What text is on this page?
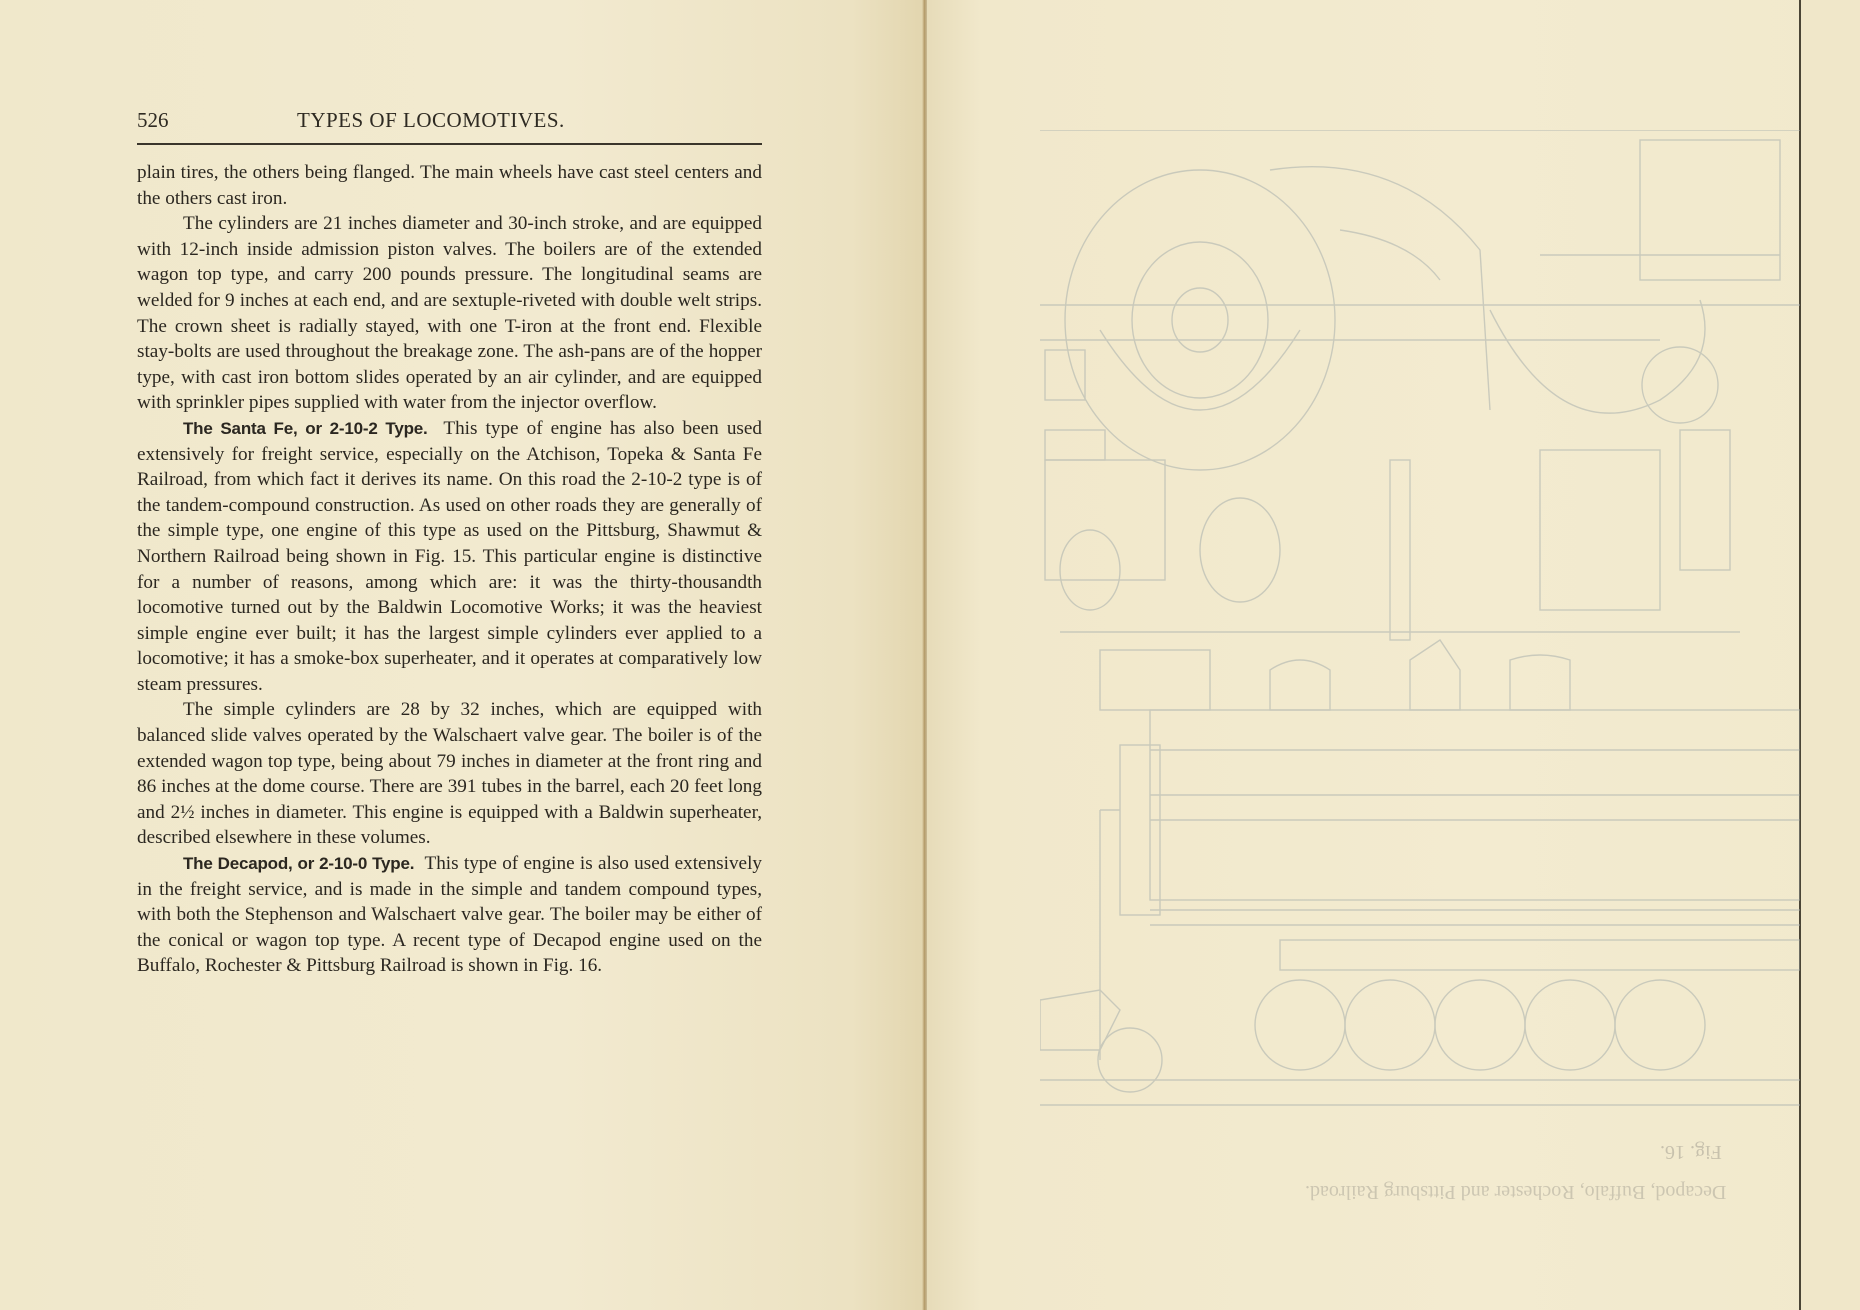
526	TYPES OF LOCOMOTIVES.

plain tires, the others being flanged. The main wheels have cast steel centers and the others cast iron.

The cylinders are 21 inches diameter and 30-inch stroke, and are equipped with 12-inch inside admission piston valves. The boilers are of the extended wagon top type, and carry 200 pounds pressure. The longitudinal seams are welded for 9 inches at each end, and are sextuple-riveted with double welt strips. The crown sheet is radially stayed, with one T-iron at the front end. Flexible stay-bolts are used throughout the breakage zone. The ash-pans are of the hopper type, with cast iron bottom slides operated by an air cylinder, and are equipped with sprinkler pipes supplied with water from the injector overflow.

The Santa Fe, or 2-10-2 Type. This type of engine has also been used extensively for freight service, especially on the Atchison, Topeka & Santa Fe Railroad, from which fact it derives its name. On this road the 2-10-2 type is of the tandem-compound construction. As used on other roads they are generally of the simple type, one engine of this type as used on the Pittsburg, Shawmut & Northern Railroad being shown in Fig. 15. This particular engine is distinctive for a number of reasons, among which are: it was the thirty-thousandth locomotive turned out by the Baldwin Locomotive Works; it was the heaviest simple engine ever built; it has the largest simple cylinders ever applied to a locomotive; it has a smoke-box superheater, and it operates at comparatively low steam pressures.

The simple cylinders are 28 by 32 inches, which are equipped with balanced slide valves operated by the Walschaert valve gear. The boiler is of the extended wagon top type, being about 79 inches in diameter at the front ring and 86 inches at the dome course. There are 391 tubes in the barrel, each 20 feet long and 2½ inches in diameter. This engine is equipped with a Baldwin superheater, described elsewhere in these volumes.

The Decapod, or 2-10-0 Type. This type of engine is also used extensively in the freight service, and is made in the simple and tandem compound types, with both the Stephenson and Walschaert valve gear. The boiler may be either of the conical or wagon top type. A recent type of Decapod engine used on the Buffalo, Rochester & Pittsburg Railroad is shown in Fig. 16.

Fig. 16.
Decapod, Buffalo, Rochester and Pittsburg Railroad.
